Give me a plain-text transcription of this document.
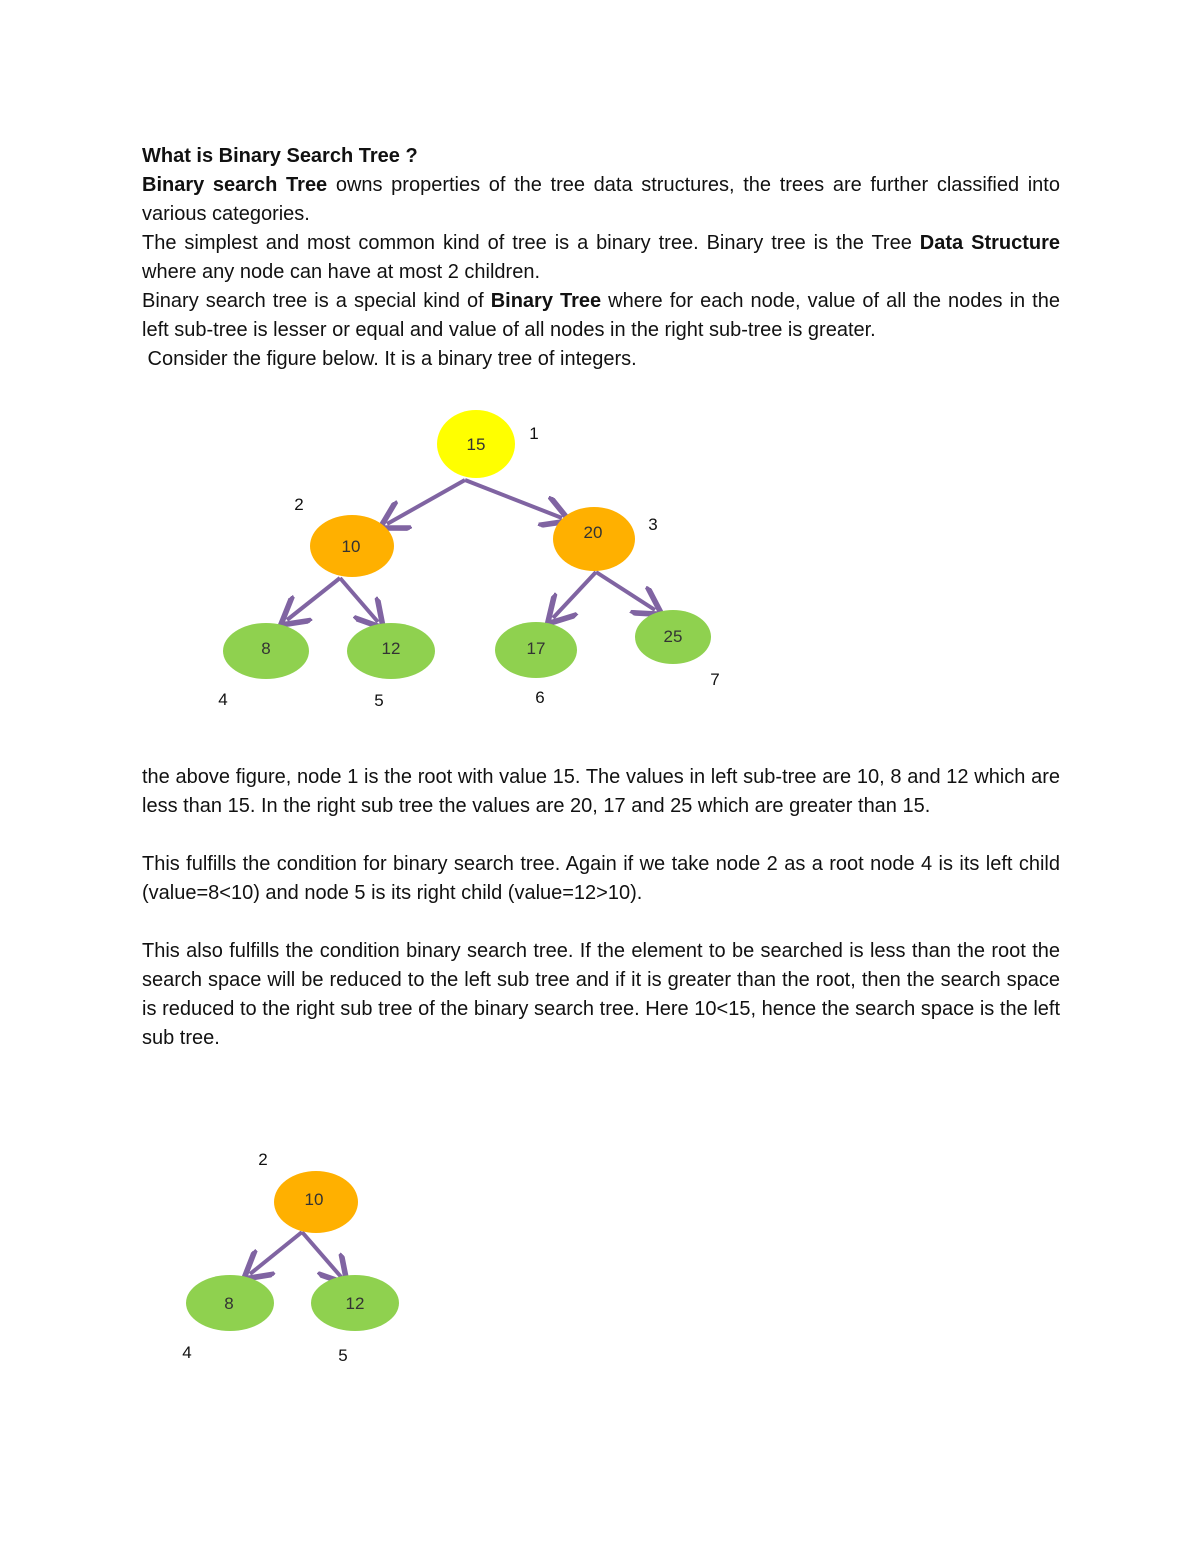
What is Binary Search Tree ?

Binary search Tree owns properties of the tree data structures, the trees are further classified into various categories.

The simplest and most common kind of tree is a binary tree. Binary tree is the Tree Data Structure where any node can have at most 2 children.

Binary search tree is a special kind of Binary Tree where for each node, value of all the nodes in the left sub-tree is lesser or equal and value of all nodes in the right sub-tree is greater.

Consider the figure below. It is a binary tree of integers.

15
1
10
2
20	3
8
4
12
5
17
6
25
7

the above figure, node 1 is the root with value 15. The values in left sub-tree are 10, 8 and 12 which are less than 15. In the right sub tree the values are 20, 17 and 25 which are greater than 15.

This fulfills the condition for binary search tree. Again if we take node 2 as a root node 4 is its left child (value=8<10) and node 5 is its right child (value=12>10).

This also fulfills the condition binary search tree. If the element to be searched is less than the root the search space will be reduced to the left sub tree and if it is greater than the root, then the search space is reduced to the right sub tree of the binary search tree. Here 10<15, hence the search space is the left sub tree.

10
2
8
4
12
5
